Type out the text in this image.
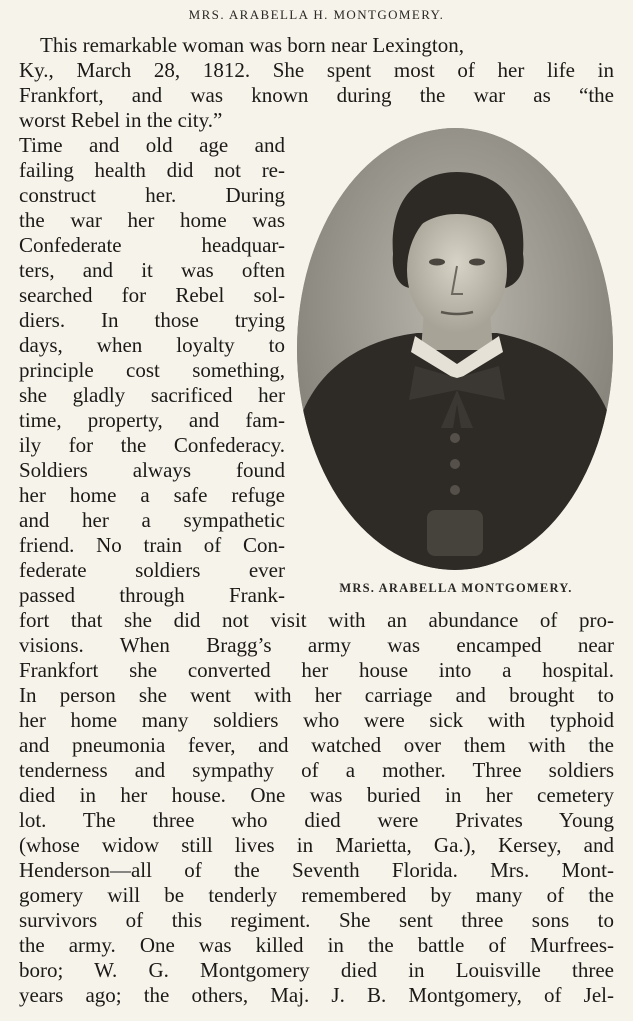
MRS. ARABELLA H. MONTGOMERY.
This remarkable woman was born near Lexington,
Ky., March 28, 1812. She spent most of her life in
Frankfort, and was known during the war as “the
worst Rebel in the city.”
Time and old age and
failing health did not re-
construct her. During
the war her home was
Confederate headquar-
ters, and it was often
searched for Rebel sol-
diers. In those trying
days, when loyalty to
principle cost something,
she gladly sacrificed her
time, property, and fam-
ily for the Confederacy.
Soldiers always found
her home a safe refuge
and her a sympathetic
friend. No train of Con-
federate soldiers ever
passed through Frank-
fort that she did not visit with an abundance of pro-
visions. When Bragg’s army was encamped near
Frankfort she converted her house into a hospital.
In person she went with her carriage and brought to
her home many soldiers who were sick with typhoid
and pneumonia fever, and watched over them with the
tenderness and sympathy of a mother. Three soldiers
died in her house. One was buried in her cemetery
lot. The three who died were Privates Young
(whose widow still lives in Marietta, Ga.), Kersey, and
Henderson—all of the Seventh Florida. Mrs. Mont-
gomery will be tenderly remembered by many of the
survivors of this regiment. She sent three sons to
the army. One was killed in the battle of Murfrees-
boro; W. G. Montgomery died in Louisville three
years ago; the others, Maj. J. B. Montgomery, of Jel-
MRS. ARABELLA MONTGOMERY.
